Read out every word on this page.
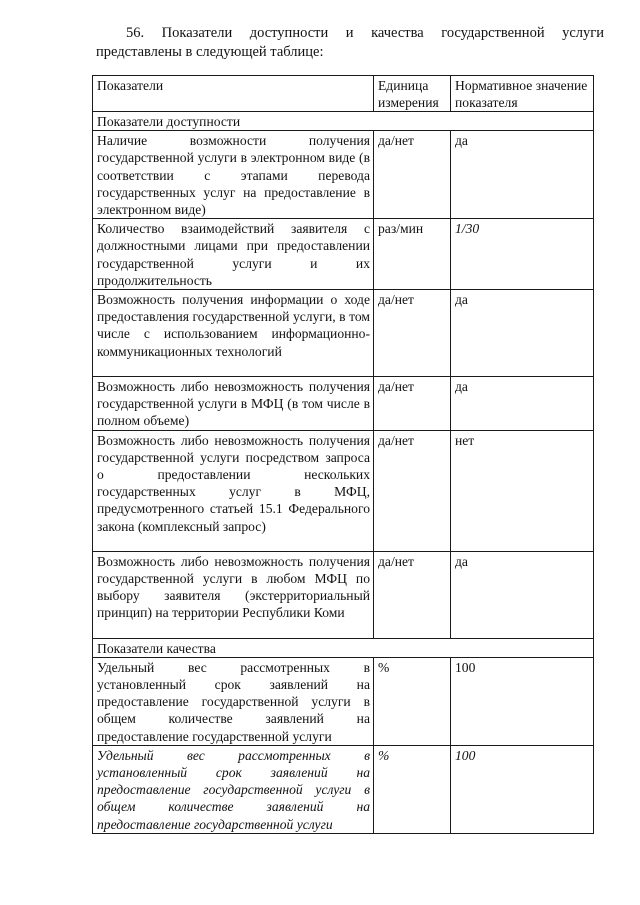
56. Показатели доступности и качества государственной услуги
представлены в следующей таблице:
Показатели	Единица измерения	Нормативное значение показателя
Показатели доступности		
Наличие возможности получения государственной услуги в электронном виде (в соответствии с этапами перевода государственных услуг на предоставление в электронном виде)	да/нет	да
Количество взаимодействий заявителя с должностными лицами при предоставлении государственной услуги и их продолжительность	раз/мин	1/30
Возможность получения информации о ходе предоставления государственной услуги, в том числе с использованием информационно-коммуникационных технологий	да/нет	да
Возможность либо невозможность получения государственной услуги в МФЦ (в том числе в полном объеме)	да/нет	да
Возможность либо невозможность получения государственной услуги посредством запроса о предоставлении нескольких государственных услуг в МФЦ, предусмотренного статьей 15.1 Федерального закона (комплексный запрос)	да/нет	нет
Возможность либо невозможность получения государственной услуги в любом МФЦ по выбору заявителя (экстерриториальный принцип) на территории Республики Коми	да/нет	да
Показатели качества		
Удельный вес рассмотренных в установленный срок заявлений на предоставление государственной услуги в общем количестве заявлений на предоставление государственной услуги	%	100
Удельный вес рассмотренных в установленный срок заявлений на предоставление государственной услуги в общем количестве заявлений на предоставление государственной услуги	%	100
